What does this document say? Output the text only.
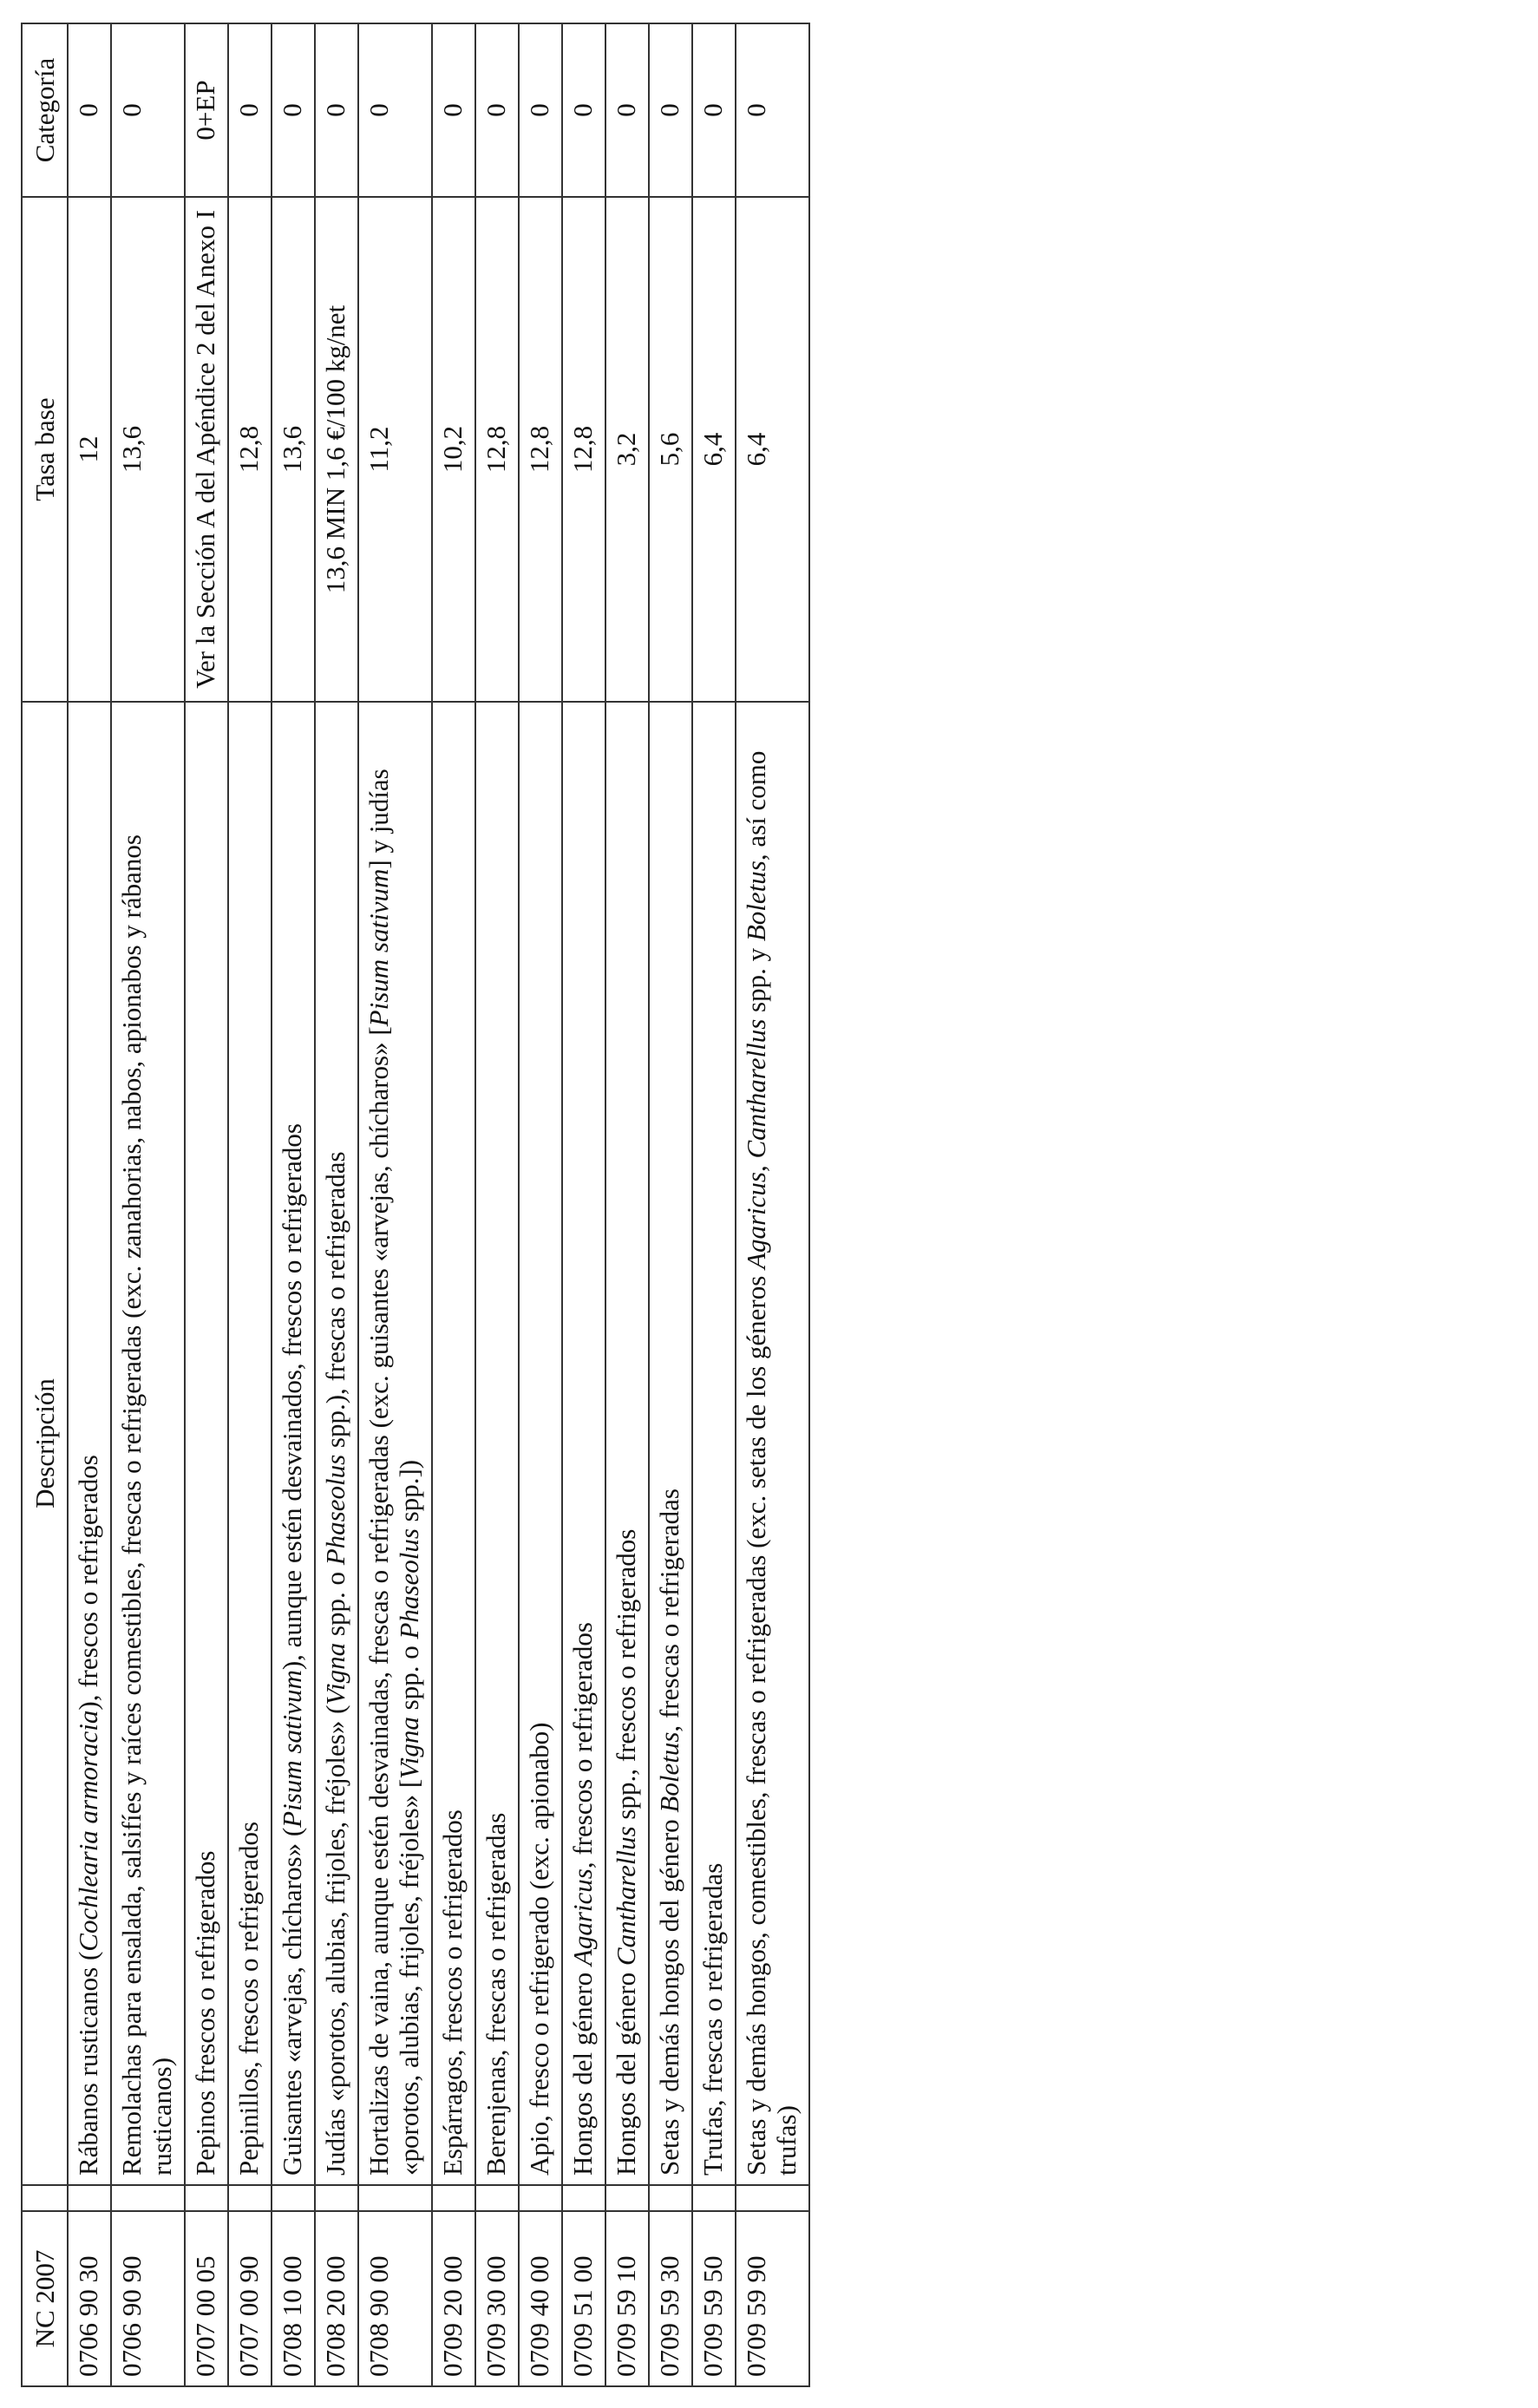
NC 2007		Descripción	Tasa base	Categoría
0706 90 30		Rábanos rusticanos (Cochlearia armoracia), frescos o refrigerados	12	0
0706 90 90		Remolachas para ensalada, salsifíes y raíces comestibles, frescas o refrigeradas (exc. zanahorias, nabos, apionabos y rábanos rusticanos)	13,6	0
0707 00 05		Pepinos frescos o refrigerados	Ver la Sección A del Apéndice 2 del Anexo I	0+EP
0707 00 90		Pepinillos, frescos o refrigerados	12,8	0
0708 10 00		Guisantes «arvejas, chícharos» (Pisum sativum), aunque estén desvainados, frescos o refrigerados	13,6	0
0708 20 00		Judías «porotos, alubias, frijoles, fréjoles» (Vigna spp. o Phaseolus spp.), frescas o refrigeradas	13,6 MIN 1,6 €/100 kg/net	0
0708 90 00		Hortalizas de vaina, aunque estén desvainadas, frescas o refrigeradas (exc. guisantes «arvejas, chícharos» [Pisum sativum] y judías «porotos, alubias, frijoles, fréjoles» [Vigna spp. o Phaseolus spp.])	11,2	0
0709 20 00		Espárragos, frescos o refrigerados	10,2	0
0709 30 00		Berenjenas, frescas o refrigeradas	12,8	0
0709 40 00		Apio, fresco o refrigerado (exc. apionabo)	12,8	0
0709 51 00		Hongos del género Agaricus, frescos o refrigerados	12,8	0
0709 59 10		Hongos del género Cantharellus spp., frescos o refrigerados	3,2	0
0709 59 30		Setas y demás hongos del género Boletus, frescas o refrigeradas	5,6	0
0709 59 50		Trufas, frescas o refrigeradas	6,4	0
0709 59 90		Setas y demás hongos, comestibles, frescas o refrigeradas (exc. setas de los géneros Agaricus, Cantharellus spp. y Boletus, así como trufas)	6,4	0
